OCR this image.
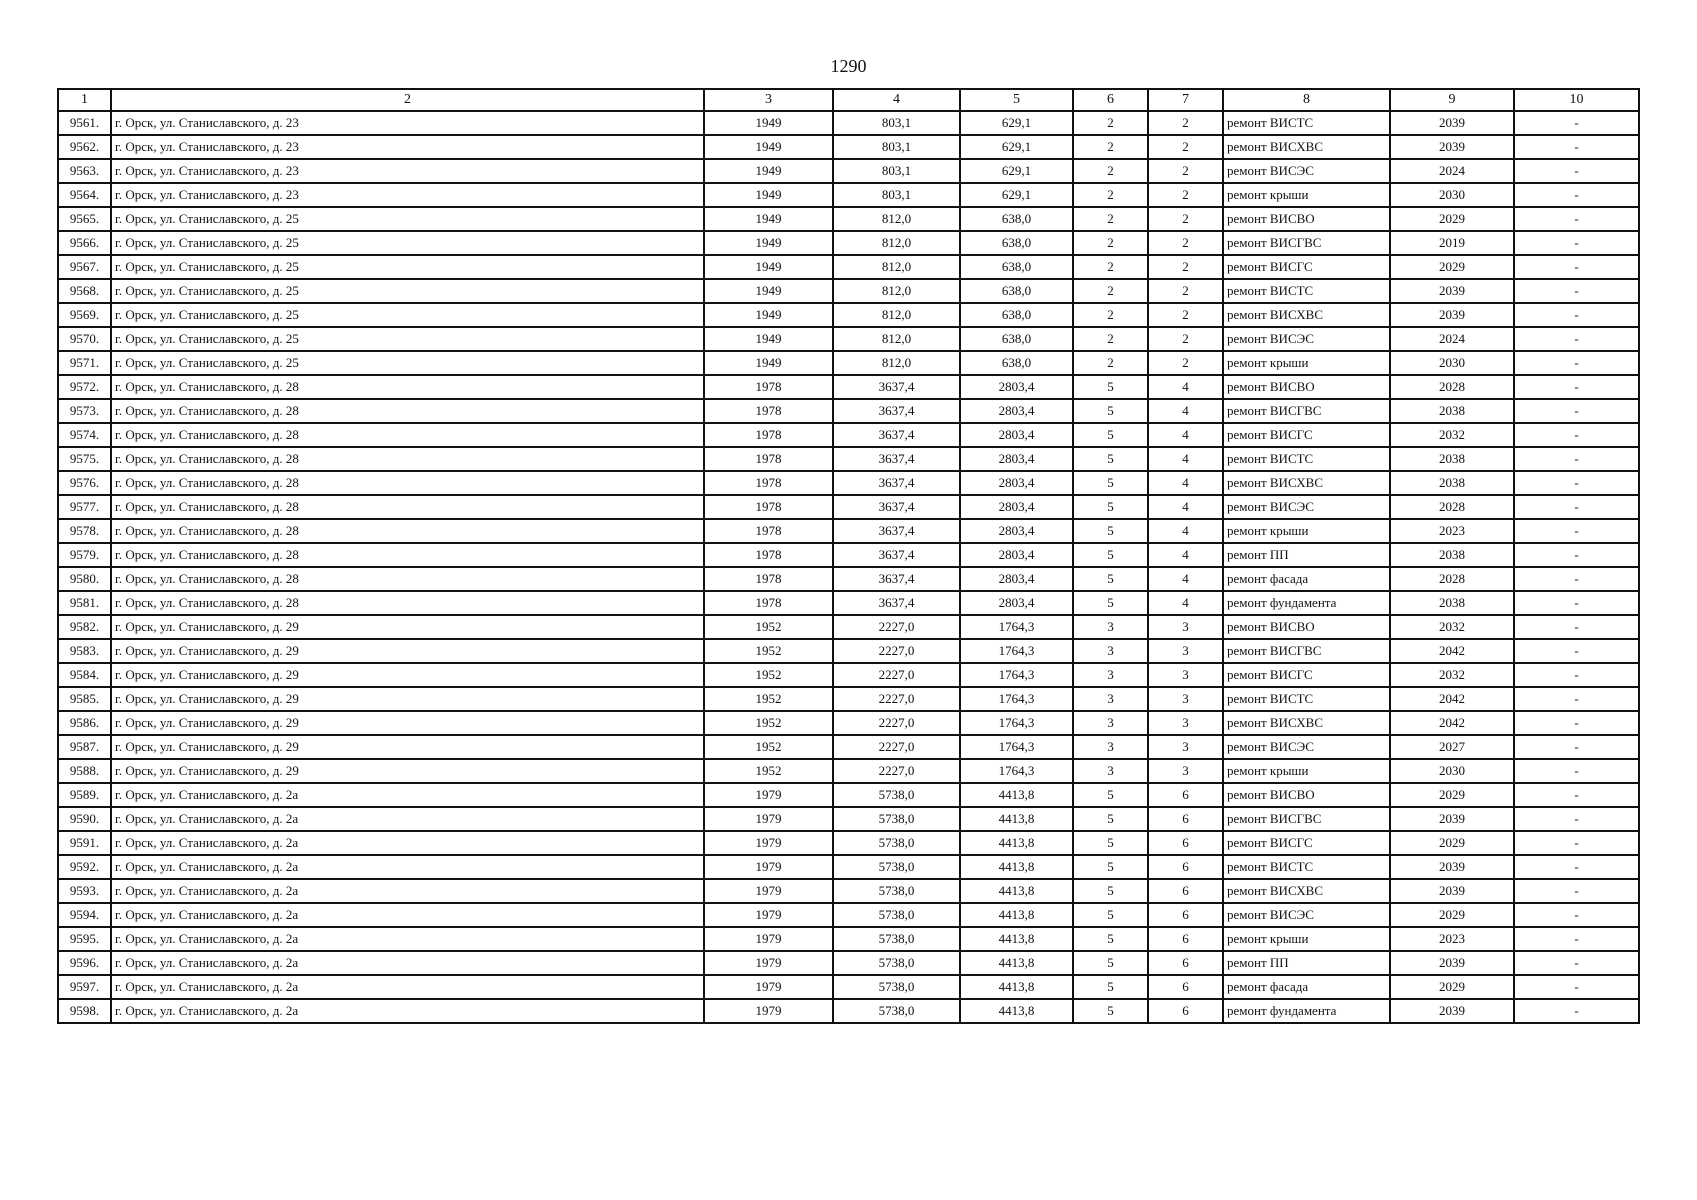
1290
1	2	3	4	5	6	7	8	9	10
9561.	г. Орск, ул. Станиславского, д. 23	1949	803,1	629,1	2	2	ремонт ВИСТС	2039	-
9562.	г. Орск, ул. Станиславского, д. 23	1949	803,1	629,1	2	2	ремонт ВИСХВС	2039	-
9563.	г. Орск, ул. Станиславского, д. 23	1949	803,1	629,1	2	2	ремонт ВИСЭС	2024	-
9564.	г. Орск, ул. Станиславского, д. 23	1949	803,1	629,1	2	2	ремонт крыши	2030	-
9565.	г. Орск, ул. Станиславского, д. 25	1949	812,0	638,0	2	2	ремонт ВИСВО	2029	-
9566.	г. Орск, ул. Станиславского, д. 25	1949	812,0	638,0	2	2	ремонт ВИСГВС	2019	-
9567.	г. Орск, ул. Станиславского, д. 25	1949	812,0	638,0	2	2	ремонт ВИСГС	2029	-
9568.	г. Орск, ул. Станиславского, д. 25	1949	812,0	638,0	2	2	ремонт ВИСТС	2039	-
9569.	г. Орск, ул. Станиславского, д. 25	1949	812,0	638,0	2	2	ремонт ВИСХВС	2039	-
9570.	г. Орск, ул. Станиславского, д. 25	1949	812,0	638,0	2	2	ремонт ВИСЭС	2024	-
9571.	г. Орск, ул. Станиславского, д. 25	1949	812,0	638,0	2	2	ремонт крыши	2030	-
9572.	г. Орск, ул. Станиславского, д. 28	1978	3637,4	2803,4	5	4	ремонт ВИСВО	2028	-
9573.	г. Орск, ул. Станиславского, д. 28	1978	3637,4	2803,4	5	4	ремонт ВИСГВС	2038	-
9574.	г. Орск, ул. Станиславского, д. 28	1978	3637,4	2803,4	5	4	ремонт ВИСГС	2032	-
9575.	г. Орск, ул. Станиславского, д. 28	1978	3637,4	2803,4	5	4	ремонт ВИСТС	2038	-
9576.	г. Орск, ул. Станиславского, д. 28	1978	3637,4	2803,4	5	4	ремонт ВИСХВС	2038	-
9577.	г. Орск, ул. Станиславского, д. 28	1978	3637,4	2803,4	5	4	ремонт ВИСЭС	2028	-
9578.	г. Орск, ул. Станиславского, д. 28	1978	3637,4	2803,4	5	4	ремонт крыши	2023	-
9579.	г. Орск, ул. Станиславского, д. 28	1978	3637,4	2803,4	5	4	ремонт ПП	2038	-
9580.	г. Орск, ул. Станиславского, д. 28	1978	3637,4	2803,4	5	4	ремонт фасада	2028	-
9581.	г. Орск, ул. Станиславского, д. 28	1978	3637,4	2803,4	5	4	ремонт фундамента	2038	-
9582.	г. Орск, ул. Станиславского, д. 29	1952	2227,0	1764,3	3	3	ремонт ВИСВО	2032	-
9583.	г. Орск, ул. Станиславского, д. 29	1952	2227,0	1764,3	3	3	ремонт ВИСГВС	2042	-
9584.	г. Орск, ул. Станиславского, д. 29	1952	2227,0	1764,3	3	3	ремонт ВИСГС	2032	-
9585.	г. Орск, ул. Станиславского, д. 29	1952	2227,0	1764,3	3	3	ремонт ВИСТС	2042	-
9586.	г. Орск, ул. Станиславского, д. 29	1952	2227,0	1764,3	3	3	ремонт ВИСХВС	2042	-
9587.	г. Орск, ул. Станиславского, д. 29	1952	2227,0	1764,3	3	3	ремонт ВИСЭС	2027	-
9588.	г. Орск, ул. Станиславского, д. 29	1952	2227,0	1764,3	3	3	ремонт крыши	2030	-
9589.	г. Орск, ул. Станиславского, д. 2а	1979	5738,0	4413,8	5	6	ремонт ВИСВО	2029	-
9590.	г. Орск, ул. Станиславского, д. 2а	1979	5738,0	4413,8	5	6	ремонт ВИСГВС	2039	-
9591.	г. Орск, ул. Станиславского, д. 2а	1979	5738,0	4413,8	5	6	ремонт ВИСГС	2029	-
9592.	г. Орск, ул. Станиславского, д. 2а	1979	5738,0	4413,8	5	6	ремонт ВИСТС	2039	-
9593.	г. Орск, ул. Станиславского, д. 2а	1979	5738,0	4413,8	5	6	ремонт ВИСХВС	2039	-
9594.	г. Орск, ул. Станиславского, д. 2а	1979	5738,0	4413,8	5	6	ремонт ВИСЭС	2029	-
9595.	г. Орск, ул. Станиславского, д. 2а	1979	5738,0	4413,8	5	6	ремонт крыши	2023	-
9596.	г. Орск, ул. Станиславского, д. 2а	1979	5738,0	4413,8	5	6	ремонт ПП	2039	-
9597.	г. Орск, ул. Станиславского, д. 2а	1979	5738,0	4413,8	5	6	ремонт фасада	2029	-
9598.	г. Орск, ул. Станиславского, д. 2а	1979	5738,0	4413,8	5	6	ремонт фундамента	2039	-
